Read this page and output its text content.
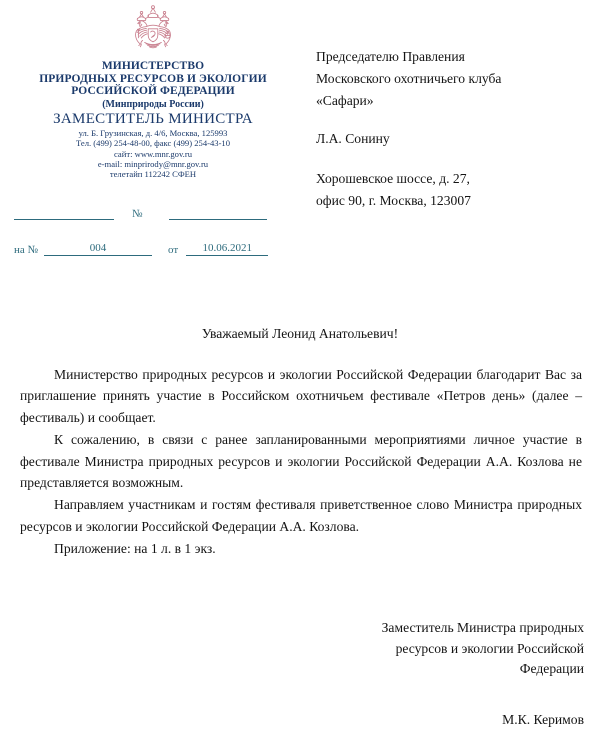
МИНИСТЕРСТВО
ПРИРОДНЫХ РЕСУРСОВ И ЭКОЛОГИИ
РОССИЙСКОЙ ФЕДЕРАЦИИ
(Минприроды России)
ЗАМЕСТИТЕЛЬ МИНИСТРА
ул. Б. Грузинская, д. 4/6, Москва, 125993
Тел. (499) 254-48-00, факс (499) 254-43-10
сайт: www.mnr.gov.ru
e-mail: minprirody@mnr.gov.ru
телетайп 112242 СФЕН
№
на №	004	от	10.06.2021
Председателю Правления
Московского охотничьего клуба
«Сафари»
Л.А. Сонину
Хорошевское шоссе, д. 27,
офис 90, г. Москва, 123007

Уважаемый Леонид Анатольевич!

Министерство природных ресурсов и экологии Российской Федерации благодарит Вас за приглашение принять участие в Российском охотничьем фестивале «Петров день» (далее – фестиваль) и сообщает.

К сожалению, в связи с ранее запланированными мероприятиями личное участие в фестивале Министра природных ресурсов и экологии Российской Федерации А.А. Козлова не представляется возможным.

Направляем участникам и гостям фестиваля приветственное слово Министра природных ресурсов и экологии Российской Федерации А.А. Козлова.

Приложение: на 1 л. в 1 экз.

Заместитель Министра природных
ресурсов и экологии Российской
Федерации
М.К. Керимов
